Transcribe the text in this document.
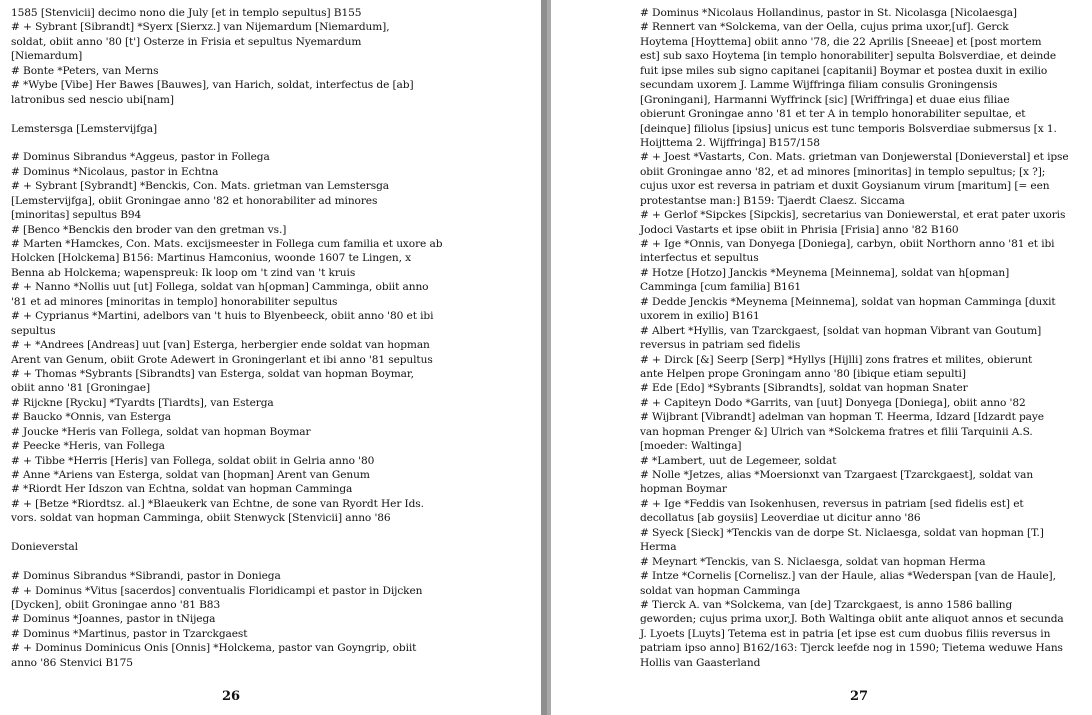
1585 [Stenvicii] decimo nono die July [et in templo sepultus] B155
# + Sybrant [Sibrandt] *Syerx [Sierxz.] van Nijemardum [Niemardum],
soldat, obiit anno '80 [t'] Osterze in Frisia et sepultus Nyemardum
[Niemardum]
# Bonte *Peters, van Merns
# *Wybe [Vibe] Her Bawes [Bauwes], van Harich, soldat, interfectus de [ab]
latronibus sed nescio ubi[nam]
Lemstersga [Lemstervijfga]
# Dominus Sibrandus *Aggeus, pastor in Follega
# Dominus *Nicolaus, pastor in Echtna
# + Sybrant [Sybrandt] *Benckis, Con. Mats. grietman van Lemstersga
[Lemstervijfga], obiit Groningae anno '82 et honorabiliter ad minores
[minoritas] sepultus B94
# [Benco *Benckis den broder van den gretman vs.]
# Marten *Hamckes, Con. Mats. excijsmeester in Follega cum familia et uxore ab
Holcken [Holckema] B156: Martinus Hamconius, woonde 1607 te Lingen, x
Benna ab Holckema; wapenspreuk: Ik loop om 't zind van 't kruis
# + Nanno *Nollis uut [ut] Follega, soldat van h[opman] Camminga, obiit anno
'81 et ad minores [minoritas in templo] honorabiliter sepultus
# + Cyprianus *Martini, adelbors van 't huis to Blyenbeeck, obiit anno '80 et ibi
sepultus
# + *Andrees [Andreas] uut [van] Esterga, herbergier ende soldat van hopman
Arent van Genum, obiit Grote Adewert in Groningerlant et ibi anno '81 sepultus
# + Thomas *Sybrants [Sibrandts] van Esterga, soldat van hopman Boymar,
obiit anno '81 [Groningae]
# Rijckne [Rycku] *Tyardts [Tiardts], van Esterga
# Baucko *Onnis, van Esterga
# Joucke *Heris van Follega, soldat van hopman Boymar
# Peecke *Heris, van Follega
# + Tibbe *Herris [Heris] van Follega, soldat obiit in Gelria anno '80
# Anne *Ariens van Esterga, soldat van [hopman] Arent van Genum
# *Riordt Her Idszon van Echtna, soldat van hopman Camminga
# + [Betze *Riordtsz. al.] *Blaeukerk van Echtne, de sone van Ryordt Her Ids.
vors. soldat van hopman Camminga, obiit Stenwyck [Stenvicii] anno '86
Donieverstal
# Dominus Sibrandus *Sibrandi, pastor in Doniega
# + Dominus *Vitus [sacerdos] conventualis Floridicampi et pastor in Dijcken
[Dycken], obiit Groningae anno '81 B83
# Dominus *Joannes, pastor in tNijega
# Dominus *Martinus, pastor in Tzarckgaest
# + Dominus Dominicus Onis [Onnis] *Holckema, pastor van Goyngrip, obiit
anno '86 Stenvici B175
26
# Dominus *Nicolaus Hollandinus, pastor in St. Nicolasga [Nicolaesga]
# Rennert van *Solckema, van der Oella, cujus prima uxor,[uf]. Gerck
Hoytema [Hoyttema] obiit anno '78, die 22 Aprilis [Sneeae] et [post mortem
est] sub saxo Hoytema [in templo honorabiliter] sepulta Bolsverdiae, et deinde
fuit ipse miles sub signo capitanei [capitanii] Boymar et postea duxit in exilio
secundam uxorem J. Lamme Wijffringa filiam consulis Groningensis
[Groningani], Harmanni Wyffrinck [sic] [Wriffringa] et duae eius filiae
obierunt Groningae anno '81 et ter A in templo honorabiliter sepultae, et
[deinque] filiolus [ipsius] unicus est tunc temporis Bolsverdiae submersus [x 1.
Hoijttema 2. Wijffringa] B157/158
# + Joest *Vastarts, Con. Mats. grietman van Donjewerstal [Donieverstal] et ipse
obiit Groningae anno '82, et ad minores [minoritas] in templo sepultus; [x ?];
cujus uxor est reversa in patriam et duxit Goysianum virum [maritum] [= een
protestantse man:] B159: Tjaerdt Claesz. Siccama
# + Gerlof *Sipckes [Sipckis], secretarius van Doniewerstal, et erat pater uxoris
Jodoci Vastarts et ipse obiit in Phrisia [Frisia] anno '82 B160
# + Ige *Onnis, van Donyega [Doniega], carbyn, obiit Northorn anno '81 et ibi
interfectus et sepultus
# Hotze [Hotzo] Janckis *Meynema [Meinnema], soldat van h[opman]
Camminga [cum familia] B161
# Dedde Jenckis *Meynema [Meinnema], soldat van hopman Camminga [duxit
uxorem in exilio] B161
# Albert *Hyllis, van Tzarckgaest, [soldat van hopman Vibrant van Goutum]
reversus in patriam sed fidelis
# + Dirck [&] Seerp [Serp] *Hyllys [Hijlli] zons fratres et milites, obierunt
ante Helpen prope Groningam anno '80 [ibique etiam sepulti]
# Ede [Edo] *Sybrants [Sibrandts], soldat van hopman Snater
# + Capiteyn Dodo *Garrits, van [uut] Donyega [Doniega], obiit anno '82
# Wijbrant [Vibrandt] adelman van hopman T. Heerma, Idzard [Idzardt paye
van hopman Prenger &] Ulrich van *Solckema fratres et filii Tarquinii A.S.
[moeder: Waltinga]
# *Lambert, uut de Legemeer, soldat
# Nolle *Jetzes, alias *Moersionxt van Tzargaest [Tzarckgaest], soldat van
hopman Boymar
# + Ige *Feddis van Isokenhusen, reversus in patriam [sed fidelis est] et
decollatus [ab goysiis] Leoverdiae ut dicitur anno '86
# Syeck [Sieck] *Tenckis van de dorpe St. Niclaesga, soldat van hopman [T.]
Herma
# Meynart *Tenckis, van S. Niclaesga, soldat van hopman Herma
# Intze *Cornelis [Cornelisz.] van der Haule, alias *Wederspan [van de Haule],
soldat van hopman Camminga
# Tierck A. van *Solckema, van [de] Tzarckgaest, is anno 1586 balling
geworden; cujus prima uxor,J. Both Waltinga obiit ante aliquot annos et secunda
J. Lyoets [Luyts] Tetema est in patria [et ipse est cum duobus filiis reversus in
patriam ipso anno] B162/163: Tjerck leefde nog in 1590; Tietema weduwe Hans
Hollis van Gaasterland
27
